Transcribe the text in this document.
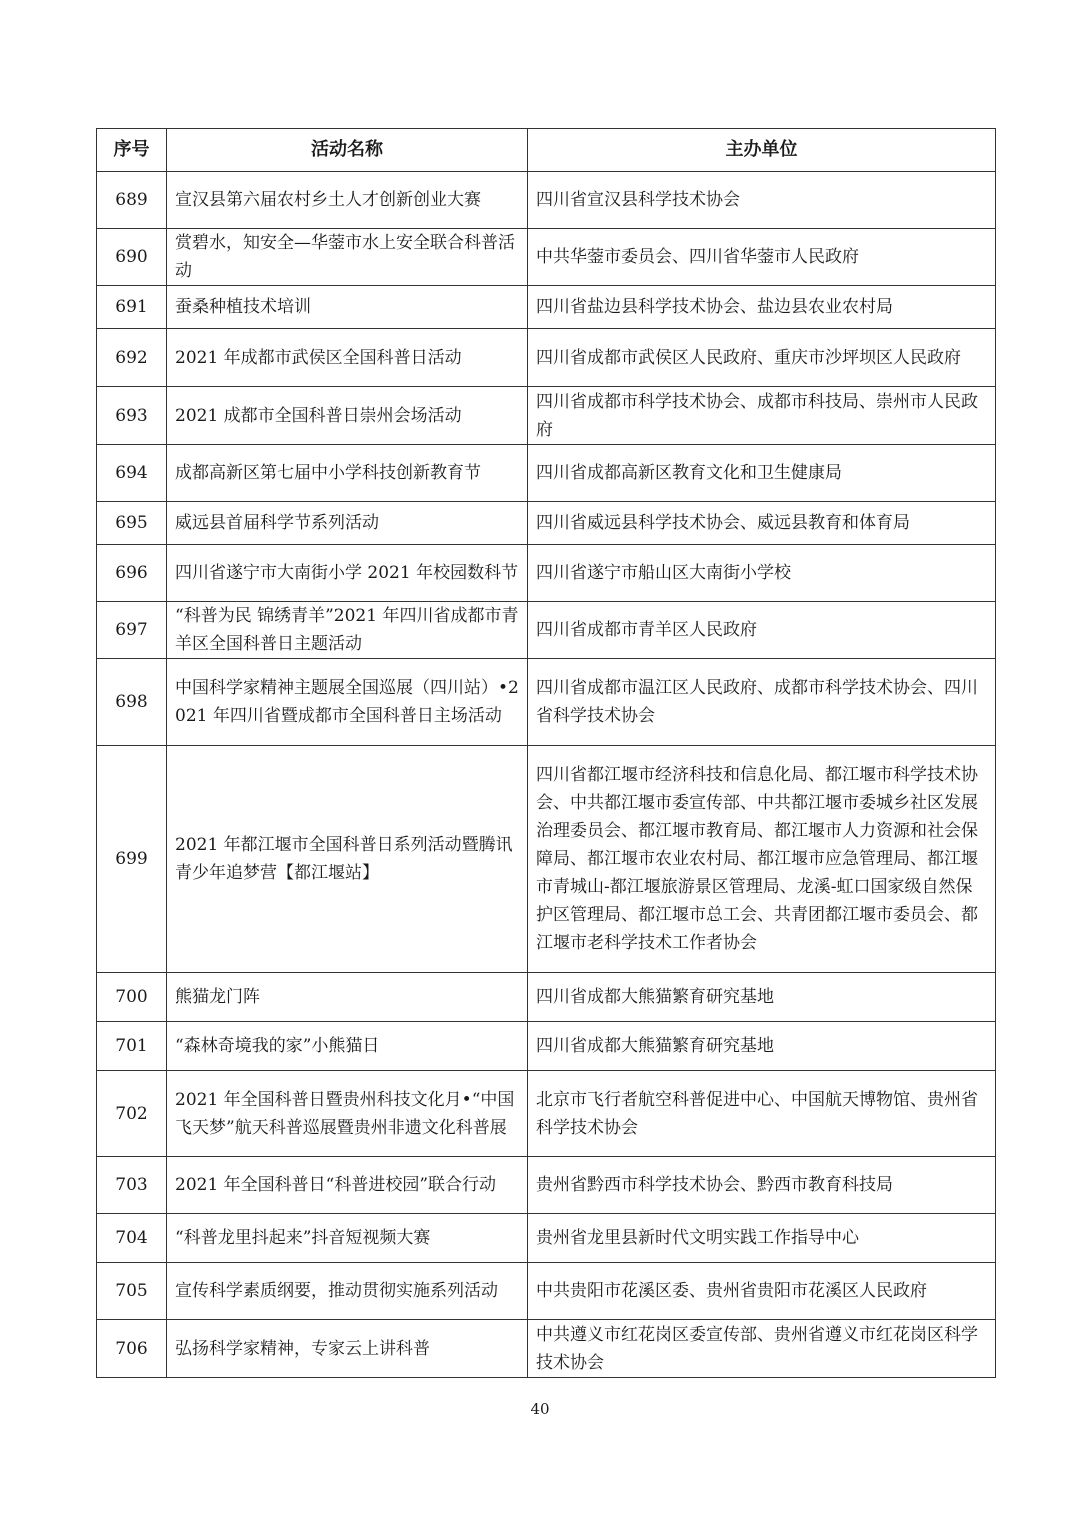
序号	活动名称	主办单位
689	宣汉县第六届农村乡土人才创新创业大赛	四川省宣汉县科学技术协会
690	赏碧水，知安全—华蓥市水上安全联合科普活动	中共华蓥市委员会、四川省华蓥市人民政府
691	蚕桑种植技术培训	四川省盐边县科学技术协会、盐边县农业农村局
692	2021 年成都市武侯区全国科普日活动	四川省成都市武侯区人民政府、重庆市沙坪坝区人民政府
693	2021 成都市全国科普日崇州会场活动	四川省成都市科学技术协会、成都市科技局、崇州市人民政府
694	成都高新区第七届中小学科技创新教育节	四川省成都高新区教育文化和卫生健康局
695	威远县首届科学节系列活动	四川省威远县科学技术协会、威远县教育和体育局
696	四川省遂宁市大南街小学 2021 年校园数科节	四川省遂宁市船山区大南街小学校
697	“科普为民 锦绣青羊”2021 年四川省成都市青羊区全国科普日主题活动	四川省成都市青羊区人民政府
698	中国科学家精神主题展全国巡展（四川站）•2021 年四川省暨成都市全国科普日主场活动	四川省成都市温江区人民政府、成都市科学技术协会、四川省科学技术协会
699	2021 年都江堰市全国科普日系列活动暨腾讯青少年追梦营【都江堰站】	四川省都江堰市经济科技和信息化局、都江堰市科学技术协会、中共都江堰市委宣传部、中共都江堰市委城乡社区发展治理委员会、都江堰市教育局、都江堰市人力资源和社会保障局、都江堰市农业农村局、都江堰市应急管理局、都江堰市青城山-都江堰旅游景区管理局、龙溪-虹口国家级自然保护区管理局、都江堰市总工会、共青团都江堰市委员会、都江堰市老科学技术工作者协会
700	熊猫龙门阵	四川省成都大熊猫繁育研究基地
701	“森林奇境我的家”小熊猫日	四川省成都大熊猫繁育研究基地
702	2021 年全国科普日暨贵州科技文化月•“中国飞天梦”航天科普巡展暨贵州非遗文化科普展	北京市飞行者航空科普促进中心、中国航天博物馆、贵州省科学技术协会
703	2021 年全国科普日“科普进校园”联合行动	贵州省黔西市科学技术协会、黔西市教育科技局
704	“科普龙里抖起来”抖音短视频大赛	贵州省龙里县新时代文明实践工作指导中心
705	宣传科学素质纲要，推动贯彻实施系列活动	中共贵阳市花溪区委、贵州省贵阳市花溪区人民政府
706	弘扬科学家精神，专家云上讲科普	中共遵义市红花岗区委宣传部、贵州省遵义市红花岗区科学技术协会
40
